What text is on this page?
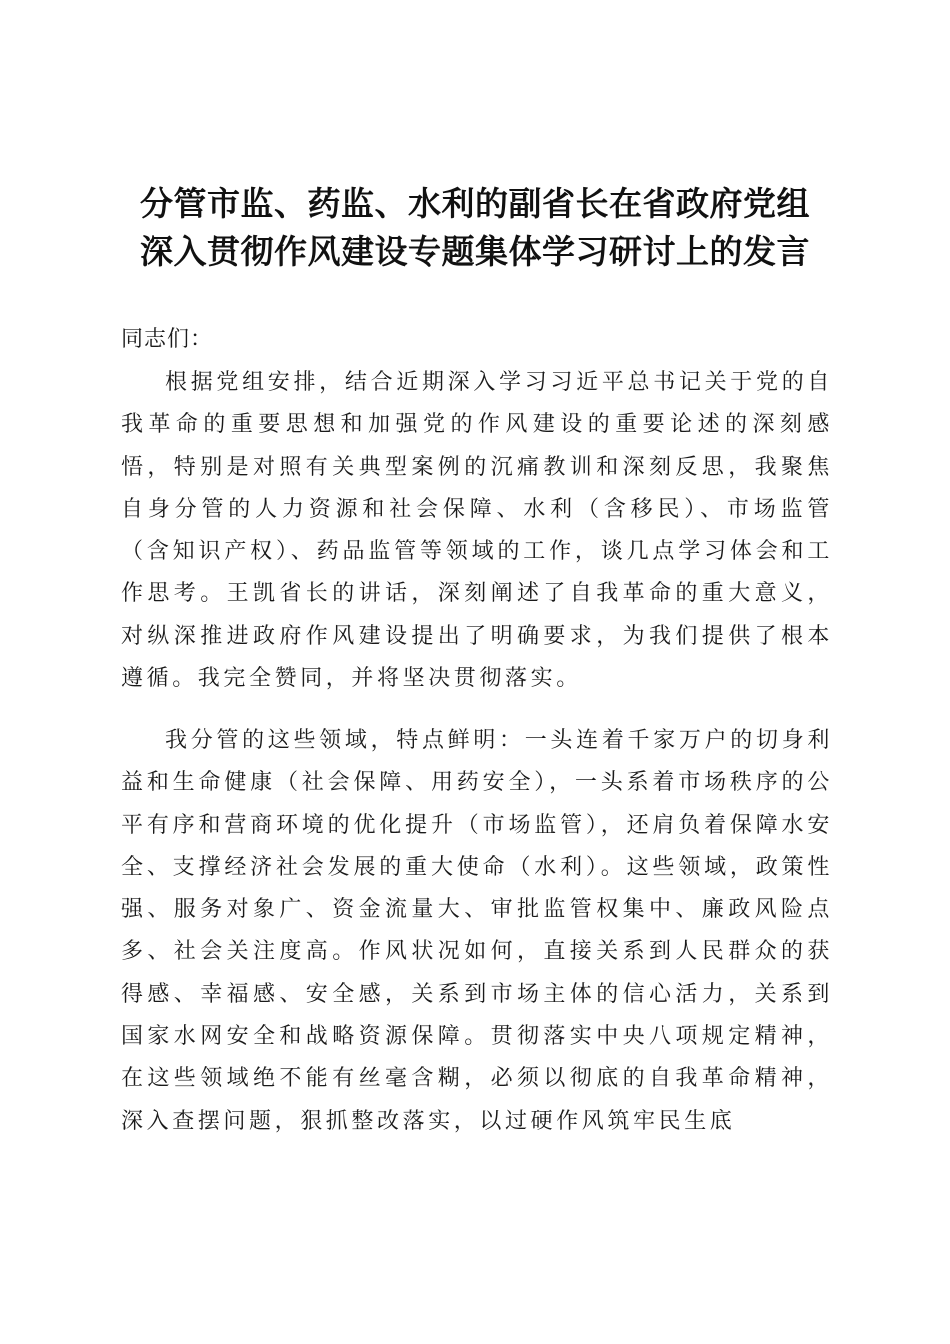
分管市监、药监、水利的副省长在省政府党组
深入贯彻作风建设专题集体学习研讨上的发言
同志们：

根据党组安排，结合近期深入学习习近平总书记关于党的自我革命的重要思想和加强党的作风建设的重要论述的深刻感悟，特别是对照有关典型案例的沉痛教训和深刻反思，我聚焦自身分管的人力资源和社会保障、水利（含移民）、市场监管（含知识产权）、药品监管等领域的工作，谈几点学习体会和工作思考。王凯省长的讲话，深刻阐述了自我革命的重大意义，对纵深推进政府作风建设提出了明确要求，为我们提供了根本遵循。我完全赞同，并将坚决贯彻落实。

我分管的这些领域，特点鲜明：一头连着千家万户的切身利益和生命健康（社会保障、用药安全），一头系着市场秩序的公平有序和营商环境的优化提升（市场监管），还肩负着保障水安全、支撑经济社会发展的重大使命（水利）。这些领域，政策性强、服务对象广、资金流量大、审批监管权集中、廉政风险点多、社会关注度高。作风状况如何，直接关系到人民群众的获得感、幸福感、安全感，关系到市场主体的信心活力，关系到国家水网安全和战略资源保障。贯彻落实中央八项规定精神，在这些领域绝不能有丝毫含糊，必须以彻底的自我革命精神，深入查摆问题，狠抓整改落实，以过硬作风筑牢民生底
